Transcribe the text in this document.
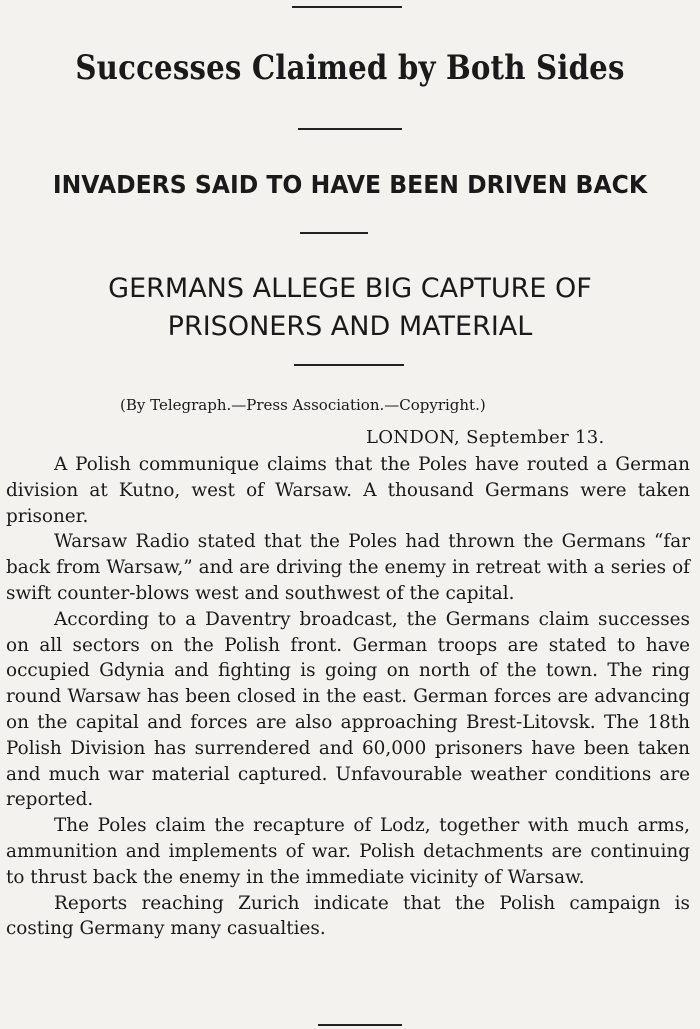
Successes Claimed by Both Sides
INVADERS SAID TO HAVE BEEN DRIVEN BACK
GERMANS ALLEGE BIG CAPTURE OF
PRISONERS AND MATERIAL
(By Telegraph.—Press Association.—Copyright.)
LONDON, September 13.

A Polish communique claims that the Poles have routed a German division at Kutno, west of Warsaw. A thousand Germans were taken prisoner.

Warsaw Radio stated that the Poles had thrown the Germans “far back from Warsaw,” and are driving the enemy in retreat with a series of swift counter-blows west and southwest of the capital.

According to a Daventry broadcast, the Germans claim successes on all sectors on the Polish front. German troops are stated to have occupied Gdynia and fighting is going on north of the town. The ring round Warsaw has been closed in the east. German forces are advancing on the capital and forces are also approaching Brest-Litovsk. The 18th Polish Division has surrendered and 60,000 prisoners have been taken and much war material captured. Unfavourable weather conditions are reported.

The Poles claim the recapture of Lodz, together with much arms, ammunition and implements of war. Polish detachments are continuing to thrust back the enemy in the immediate vicinity of Warsaw.

Reports reaching Zurich indicate that the Polish campaign is costing Germany many casualties.
